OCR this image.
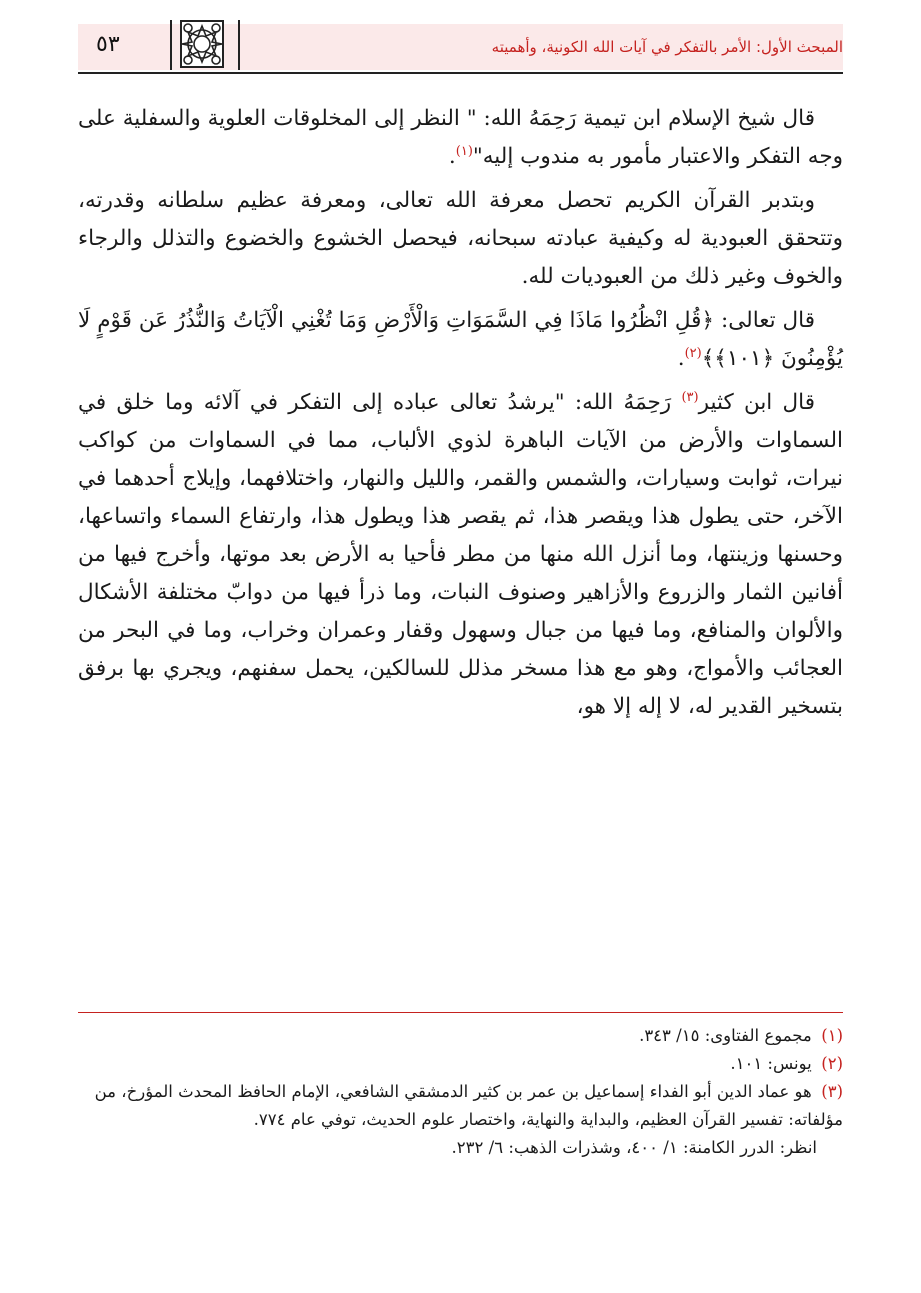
المبحث الأول: الأمر بالتفكر في آيات الله الكونية، وأهميته
٥٣

قال شيخ الإسلام ابن تيمية رَحِمَهُ الله: " النظر إلى المخلوقات العلوية والسفلية على وجه التفكر والاعتبار مأمور به مندوب إليه"$^{(١)}$.

وبتدبر القرآن الكريم تحصل معرفة الله تعالى، ومعرفة عظيم سلطانه وقدرته، وتتحقق العبودية له وكيفية عبادته سبحانه، فيحصل الخشوع والخضوع والتذلل والرجاء والخوف وغير ذلك من العبوديات لله.

قال تعالى: ﴿قُلِ انْظُرُوا مَاذَا فِي السَّمَوَاتِ وَالْأَرْضِ وَمَا تُغْنِي الْآيَاتُ وَالنُّذُرُ عَن قَوْمٍ لَا يُؤْمِنُونَ ﴿١٠١﴾﴾$^{(٢)}$.

قال ابن كثير$^{(٣)}$ رَحِمَهُ الله: "يرشدُ تعالى عباده إلى التفكر في آلائه وما خلق في السماوات والأرض من الآيات الباهرة لذوي الألباب، مما في السماوات من كواكب نيرات، ثوابت وسيارات، والشمس والقمر، والليل والنهار، واختلافهما، وإيلاج أحدهما في الآخر، حتى يطول هذا ويقصر هذا، ثم يقصر هذا ويطول هذا، وارتفاع السماء واتساعها، وحسنها وزينتها، وما أنزل الله منها من مطر فأحيا به الأرض بعد موتها، وأخرج فيها من أفانين الثمار والزروع والأزاهير وصنوف النبات، وما ذرأ فيها من دوابّ مختلفة الأشكال والألوان والمنافع، وما فيها من جبال وسهول وقفار وعمران وخراب، وما في البحر من العجائب والأمواج، وهو مع هذا مسخر مذلل للسالكين، يحمل سفنهم، ويجري بها برفق بتسخير القدير له، لا إله إلا هو،

(١) مجموع الفتاوى: ١٥/ ٣٤٣.

(٢) يونس: ١٠١.

(٣) هو عماد الدين أبو الفداء إسماعيل بن عمر بن كثير الدمشقي الشافعي، الإمام الحافظ المحدث المؤرخ، من مؤلفاته: تفسير القرآن العظيم، والبداية والنهاية، واختصار علوم الحديث، توفي عام ٧٧٤.

انظر: الدرر الكامنة: ١/ ٤٠٠، وشذرات الذهب: ٦/ ٢٣٢.
